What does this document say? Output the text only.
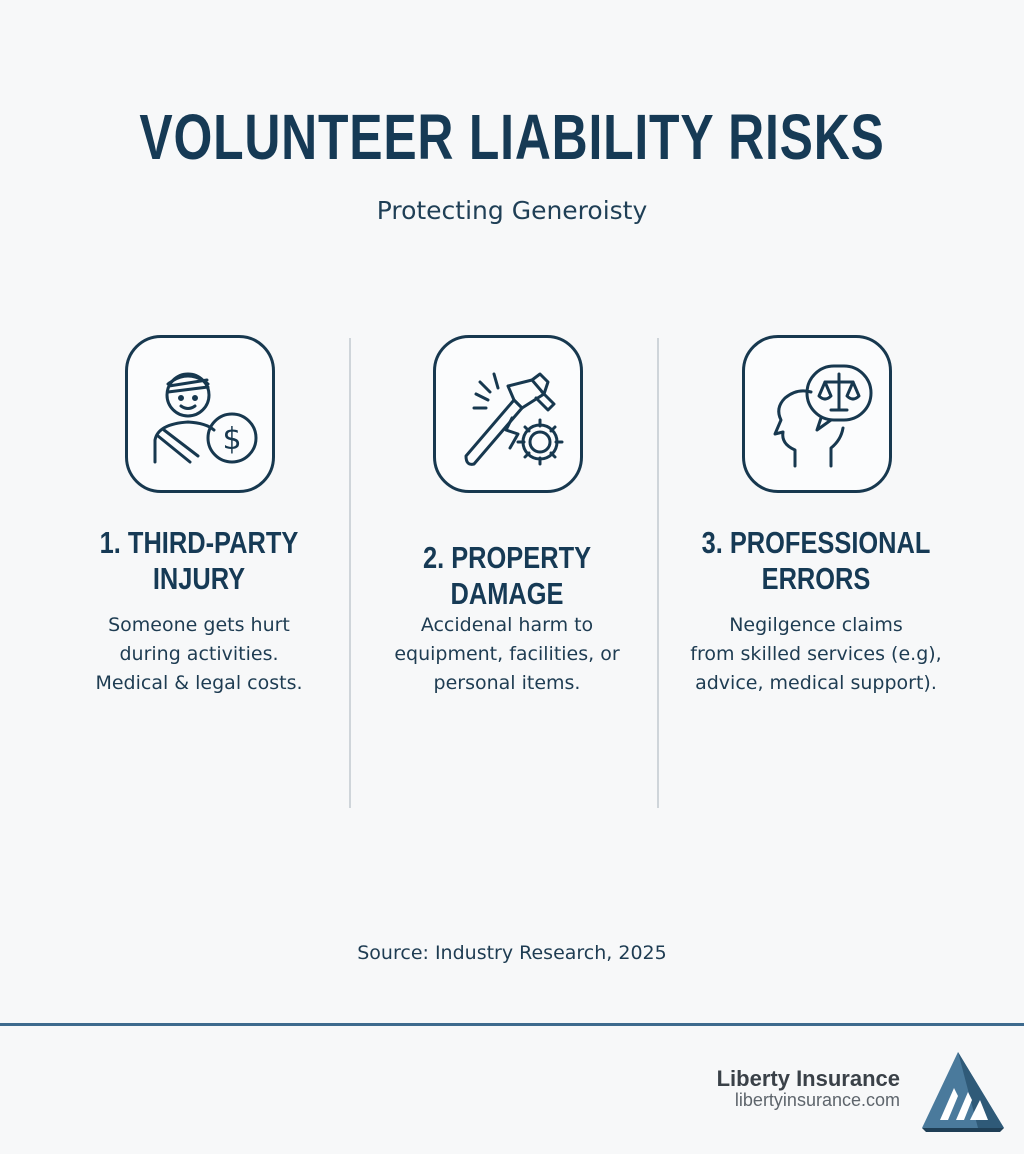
VOLUNTEER LIABILITY RISKS
Protecting Generoisty
$
1. THIRD-PARTY
INJURY
Someone gets hurt
during activities.
Medical & legal costs.
2. PROPERTY DAMAGE
Accidenal harm to
equipment, facilities, or
personal items.
3. PROFESSIONAL
ERRORS
Negilgence claims
from skilled services (e.g),
advice, medical support).
Source: Industry Research, 2025
Liberty Insurance
libertyinsurance.com
